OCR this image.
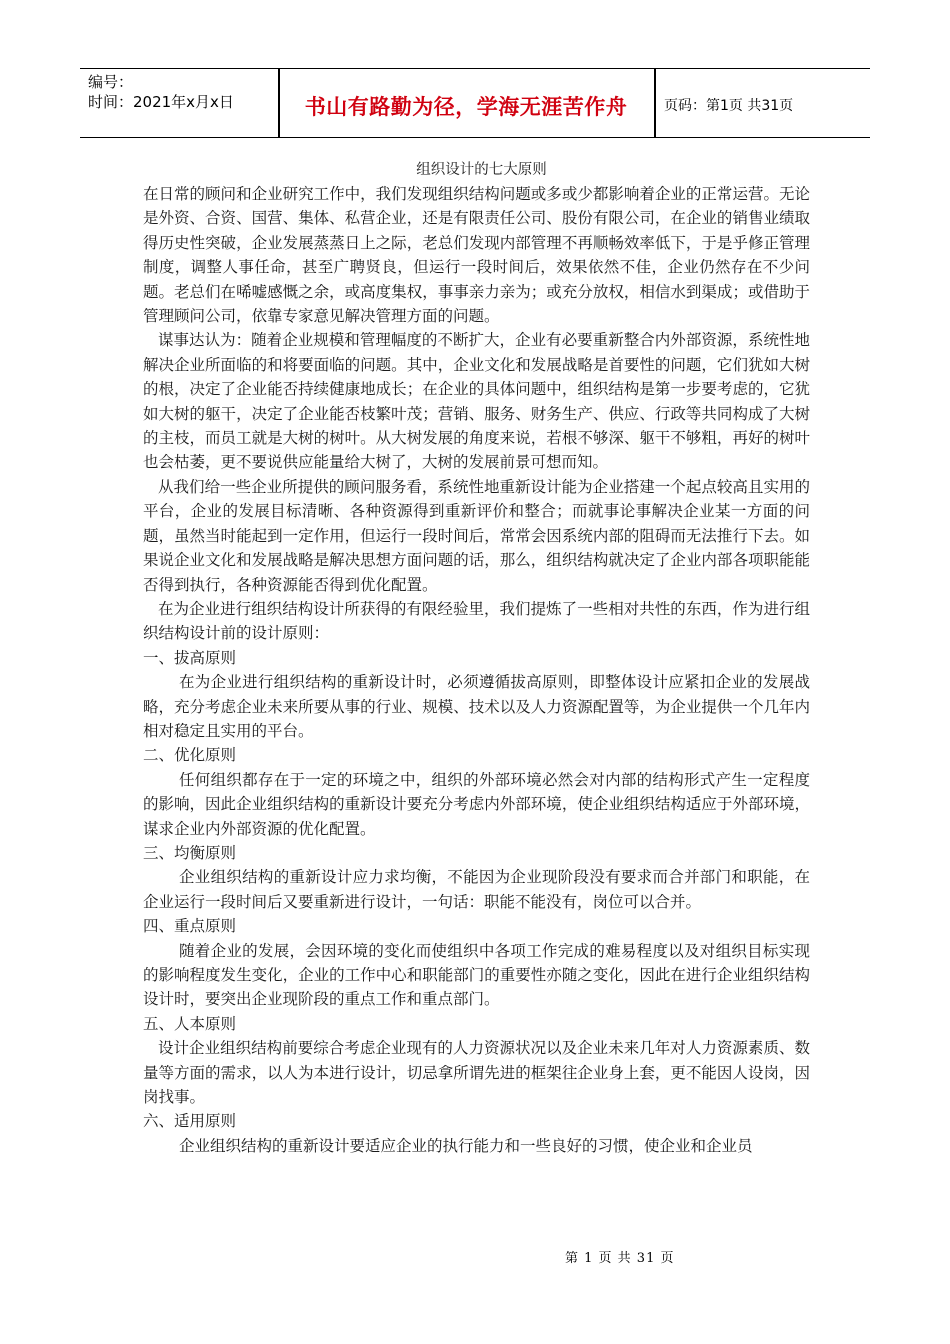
编号：
时间：2021年x月x日	书山有路勤为径，学海无涯苦作舟	页码：第1页 共31页
组织设计的七大原则

在日常的顾问和企业研究工作中，我们发现组织结构问题或多或少都影响着企业的正常运营。无论是外资、合资、国营、集体、私营企业，还是有限责任公司、股份有限公司，在企业的销售业绩取得历史性突破，企业发展蒸蒸日上之际，老总们发现内部管理不再顺畅效率低下，于是乎修正管理制度，调整人事任命，甚至广聘贤良，但运行一段时间后，效果依然不佳，企业仍然存在不少问题。老总们在唏嘘感慨之余，或高度集权，事事亲力亲为；或充分放权，相信水到渠成；或借助于管理顾问公司，依靠专家意见解决管理方面的问题。

谋事达认为：随着企业规模和管理幅度的不断扩大，企业有必要重新整合内外部资源，系统性地解决企业所面临的和将要面临的问题。其中，企业文化和发展战略是首要性的问题，它们犹如大树的根，决定了企业能否持续健康地成长；在企业的具体问题中，组织结构是第一步要考虑的，它犹如大树的躯干，决定了企业能否枝繁叶茂；营销、服务、财务生产、供应、行政等共同构成了大树的主枝，而员工就是大树的树叶。从大树发展的角度来说，若根不够深、躯干不够粗，再好的树叶也会枯萎，更不要说供应能量给大树了，大树的发展前景可想而知。

从我们给一些企业所提供的顾问服务看，系统性地重新设计能为企业搭建一个起点较高且实用的平台，企业的发展目标清晰、各种资源得到重新评价和整合；而就事论事解决企业某一方面的问题，虽然当时能起到一定作用，但运行一段时间后，常常会因系统内部的阻碍而无法推行下去。如果说企业文化和发展战略是解决思想方面问题的话，那么，组织结构就决定了企业内部各项职能能否得到执行，各种资源能否得到优化配置。

在为企业进行组织结构设计所获得的有限经验里，我们提炼了一些相对共性的东西，作为进行组织结构设计前的设计原则：

一、拔高原则

在为企业进行组织结构的重新设计时，必须遵循拔高原则，即整体设计应紧扣企业的发展战略，充分考虑企业未来所要从事的行业、规模、技术以及人力资源配置等，为企业提供一个几年内相对稳定且实用的平台。

二、优化原则

任何组织都存在于一定的环境之中，组织的外部环境必然会对内部的结构形式产生一定程度的影响，因此企业组织结构的重新设计要充分考虑内外部环境，使企业组织结构适应于外部环境，谋求企业内外部资源的优化配置。

三、均衡原则

企业组织结构的重新设计应力求均衡，不能因为企业现阶段没有要求而合并部门和职能，在企业运行一段时间后又要重新进行设计，一句话：职能不能没有，岗位可以合并。

四、重点原则

随着企业的发展，会因环境的变化而使组织中各项工作完成的难易程度以及对组织目标实现的影响程度发生变化，企业的工作中心和职能部门的重要性亦随之变化，因此在进行企业组织结构设计时，要突出企业现阶段的重点工作和重点部门。

五、人本原则

设计企业组织结构前要综合考虑企业现有的人力资源状况以及企业未来几年对人力资源素质、数量等方面的需求，以人为本进行设计，切忌拿所谓先进的框架往企业身上套，更不能因人设岗，因岗找事。

六、适用原则

企业组织结构的重新设计要适应企业的执行能力和一些良好的习惯，使企业和企业员

第 1 页 共 31 页
